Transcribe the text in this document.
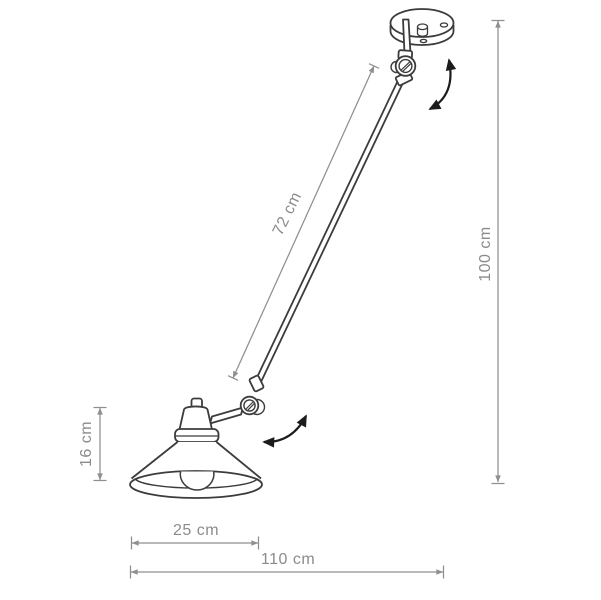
72 cm
100 cm
16 cm
25 cm
110 cm
